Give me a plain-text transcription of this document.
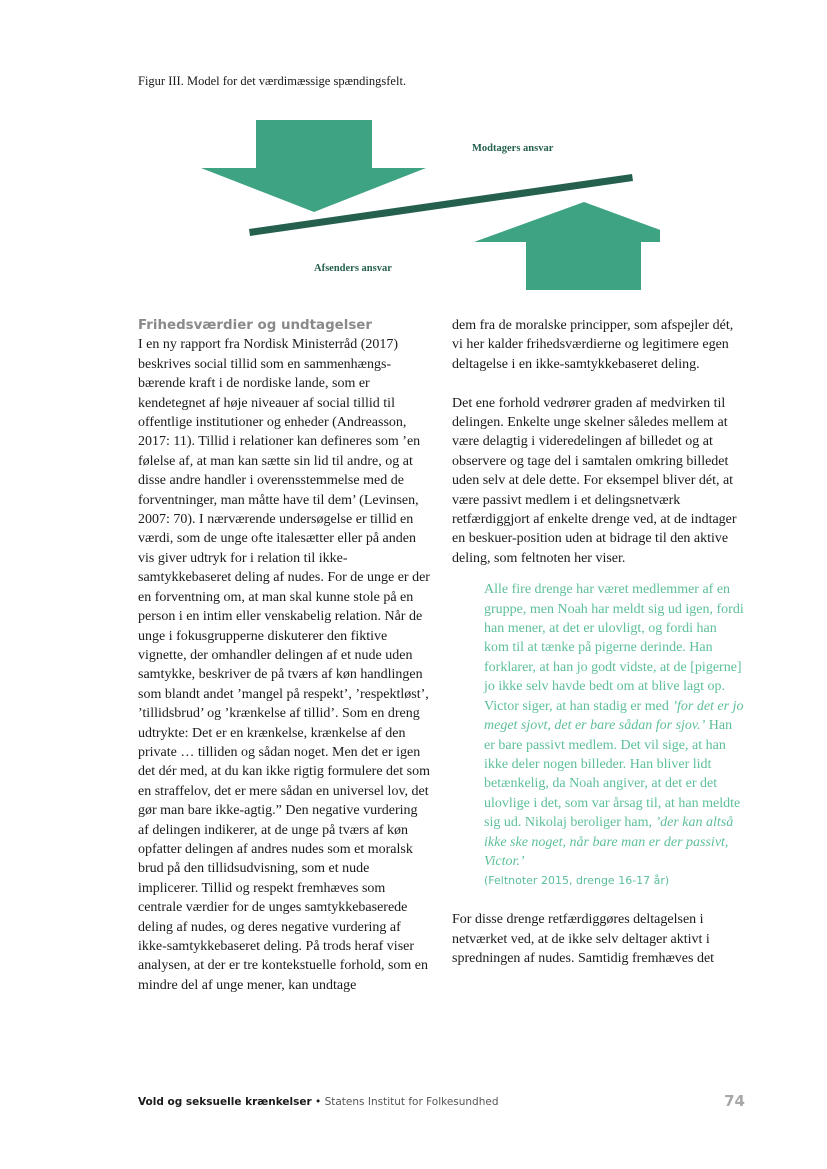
Figur III. Model for det værdimæssige spændingsfelt.
Modtagers ansvar
Afsenders ansvar
Frihedsværdier og undtagelser

I en ny rapport fra Nordisk Ministerråd (2017) beskrives social tillid som en sammenhængsbærende kraft i de nordiske lande, som er kendetegnet af høje niveauer af social tillid til offentlige institutioner og enheder (Andreasson, 2017: 11). Tillid i relationer kan defineres som ’en følelse af, at man kan sætte sin lid til andre, og at disse andre handler i overensstemmelse med de forventninger, man måtte have til dem’ (Levinsen, 2007: 70). I nærværende undersøgelse er tillid en værdi, som de unge ofte italesætter eller på anden vis giver udtryk for i relation til ikke-samtykkebaseret deling af nudes. For de unge er der en forventning om, at man skal kunne stole på en person i en intim eller venskabelig relation. Når de unge i fokusgrupperne diskuterer den fiktive vignette, der omhandler delingen af et nude uden samtykke, beskriver de på tværs af køn handlingen som blandt andet ’mangel på respekt’, ’respektløst’, ’tillidsbrud’ og ’krænkelse af tillid’. Som en dreng udtrykte: Det er en krænkelse, krænkelse af den private … tilliden og sådan noget. Men det er igen det dér med, at du kan ikke rigtig formulere det som en straffelov, det er mere sådan en universel lov, det gør man bare ikke-agtig.” Den negative vurdering af delingen indikerer, at de unge på tværs af køn opfatter delingen af andres nudes som et moralsk brud på den tillidsudvisning, som et nude implicerer. Tillid og respekt fremhæves som centrale værdier for de unges samtykkebaserede deling af nudes, og deres negative vurdering af ikke-samtykkebaseret deling. På trods heraf viser analysen, at der er tre kontekstuelle forhold, som en mindre del af unge mener, kan undtage

dem fra de moralske principper, som afspejler dét, vi her kalder frihedsværdierne og legitimere egen deltagelse i en ikke-samtykkebaseret deling.

Det ene forhold vedrører graden af medvirken til delingen. Enkelte unge skelner således mellem at være delagtig i videredelingen af billedet og at observere og tage del i samtalen omkring billedet uden selv at dele dette. For eksempel bliver dét, at være passivt medlem i et delingsnetværk retfærdiggjort af enkelte drenge ved, at de indtager en beskuer-position uden at bidrage til den aktive deling, som feltnoten her viser.

Alle fire drenge har været medlemmer af en gruppe, men Noah har meldt sig ud igen, fordi han mener, at det er ulovligt, og fordi han kom til at tænke på pigerne derinde. Han forklarer, at han jo godt vidste, at de [pigerne] jo ikke selv havde bedt om at blive lagt op. Victor siger, at han stadig er med ’for det er jo meget sjovt, det er bare sådan for sjov.’ Han er bare passivt medlem. Det vil sige, at han ikke deler nogen billeder. Han bliver lidt betænkelig, da Noah angiver, at det er det ulovlige i det, som var årsag til, at han meldte sig ud. Nikolaj beroliger ham, ’der kan altså ikke ske noget, når bare man er der passivt, Victor.’
(Feltnoter 2015, drenge 16-17 år)

For disse drenge retfærdiggøres deltagelsen i netværket ved, at de ikke selv deltager aktivt i spredningen af nudes. Samtidig fremhæves det

Vold og seksuelle krænkelser • Statens Institut for Folkesundhed	74
